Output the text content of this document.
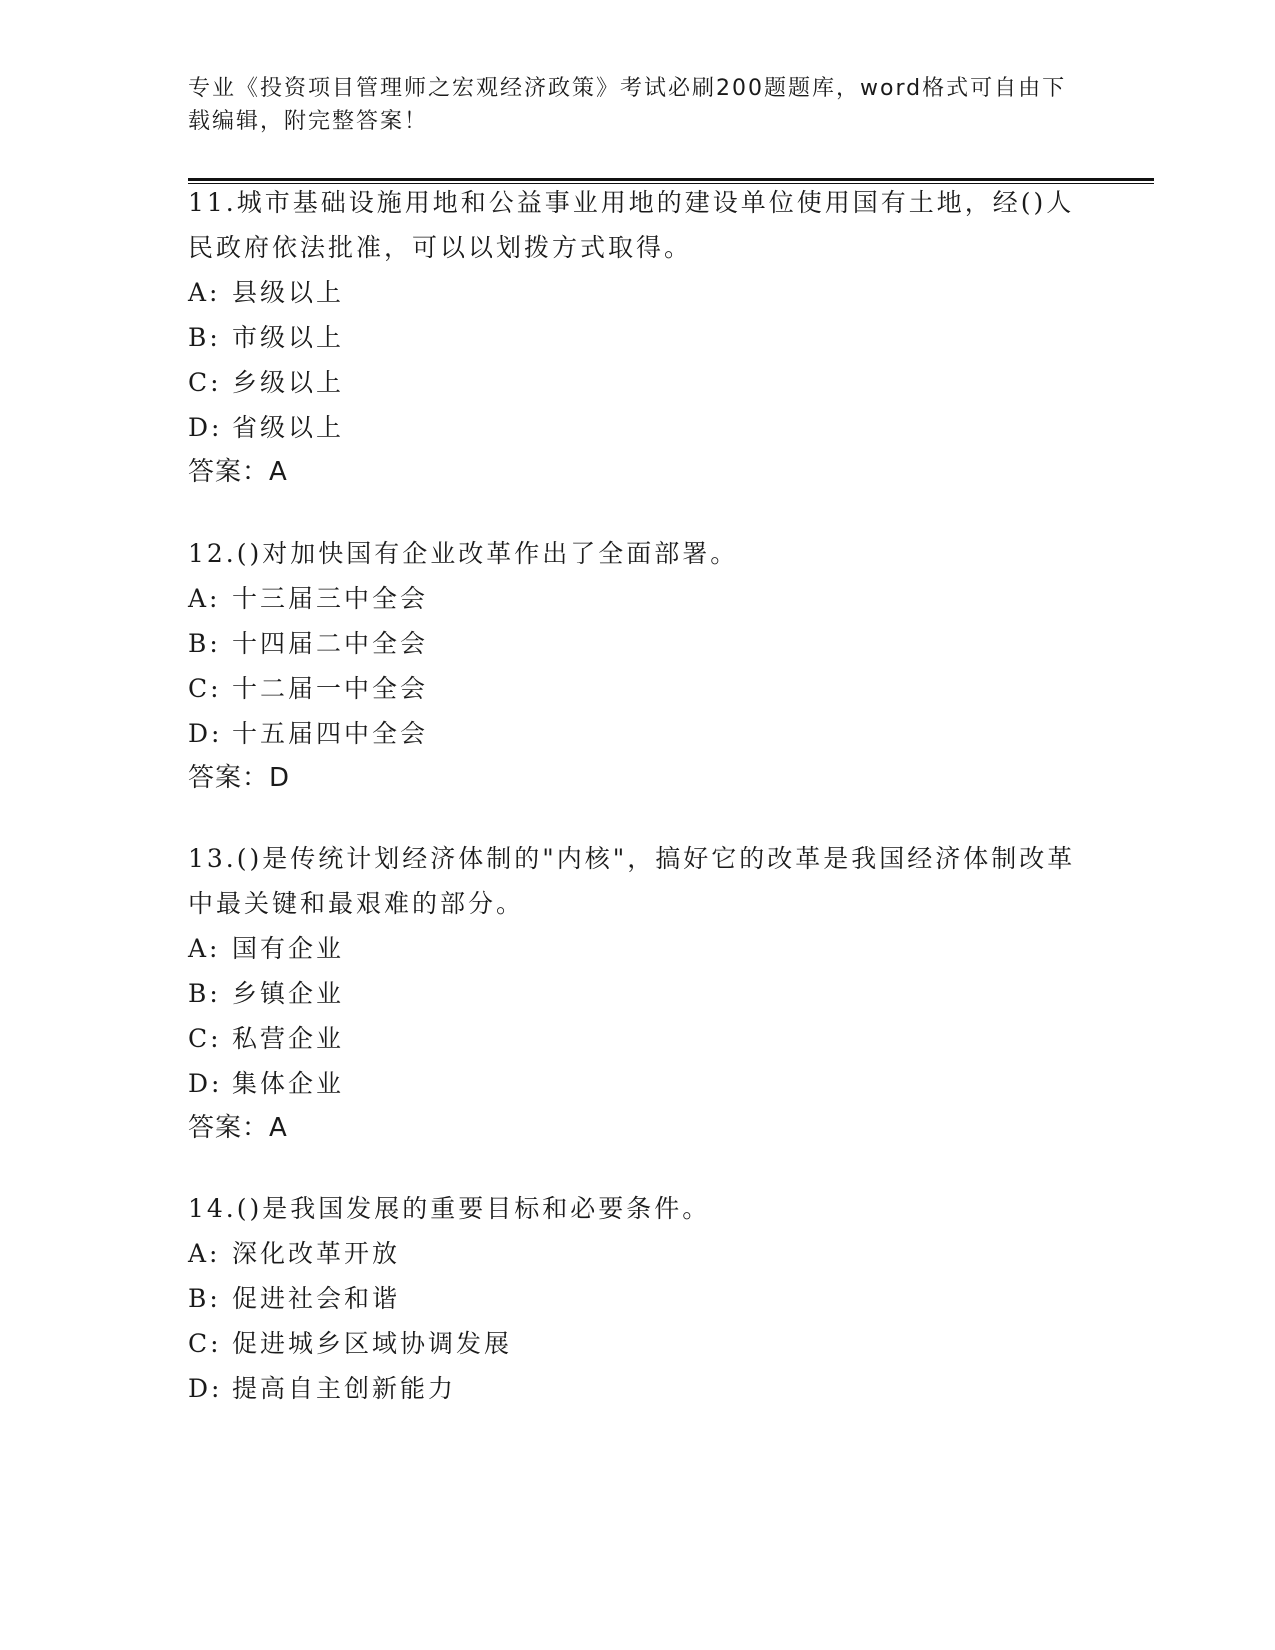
专业《投资项目管理师之宏观经济政策》考试必刷200题题库，word格式可自由下载编辑，附完整答案！

11.城市基础设施用地和公益事业用地的建设单位使用国有土地，经()人民政府依法批准，可以以划拨方式取得。

A: 县级以上

B: 市级以上

C: 乡级以上

D: 省级以上

答案：A

12.()对加快国有企业改革作出了全面部署。

A: 十三届三中全会

B: 十四届二中全会

C: 十二届一中全会

D: 十五届四中全会

答案：D

13.()是传统计划经济体制的"内核"，搞好它的改革是我国经济体制改革中最关键和最艰难的部分。

A: 国有企业

B: 乡镇企业

C: 私营企业

D: 集体企业

答案：A

14.()是我国发展的重要目标和必要条件。

A: 深化改革开放

B: 促进社会和谐

C: 促进城乡区域协调发展

D: 提高自主创新能力
